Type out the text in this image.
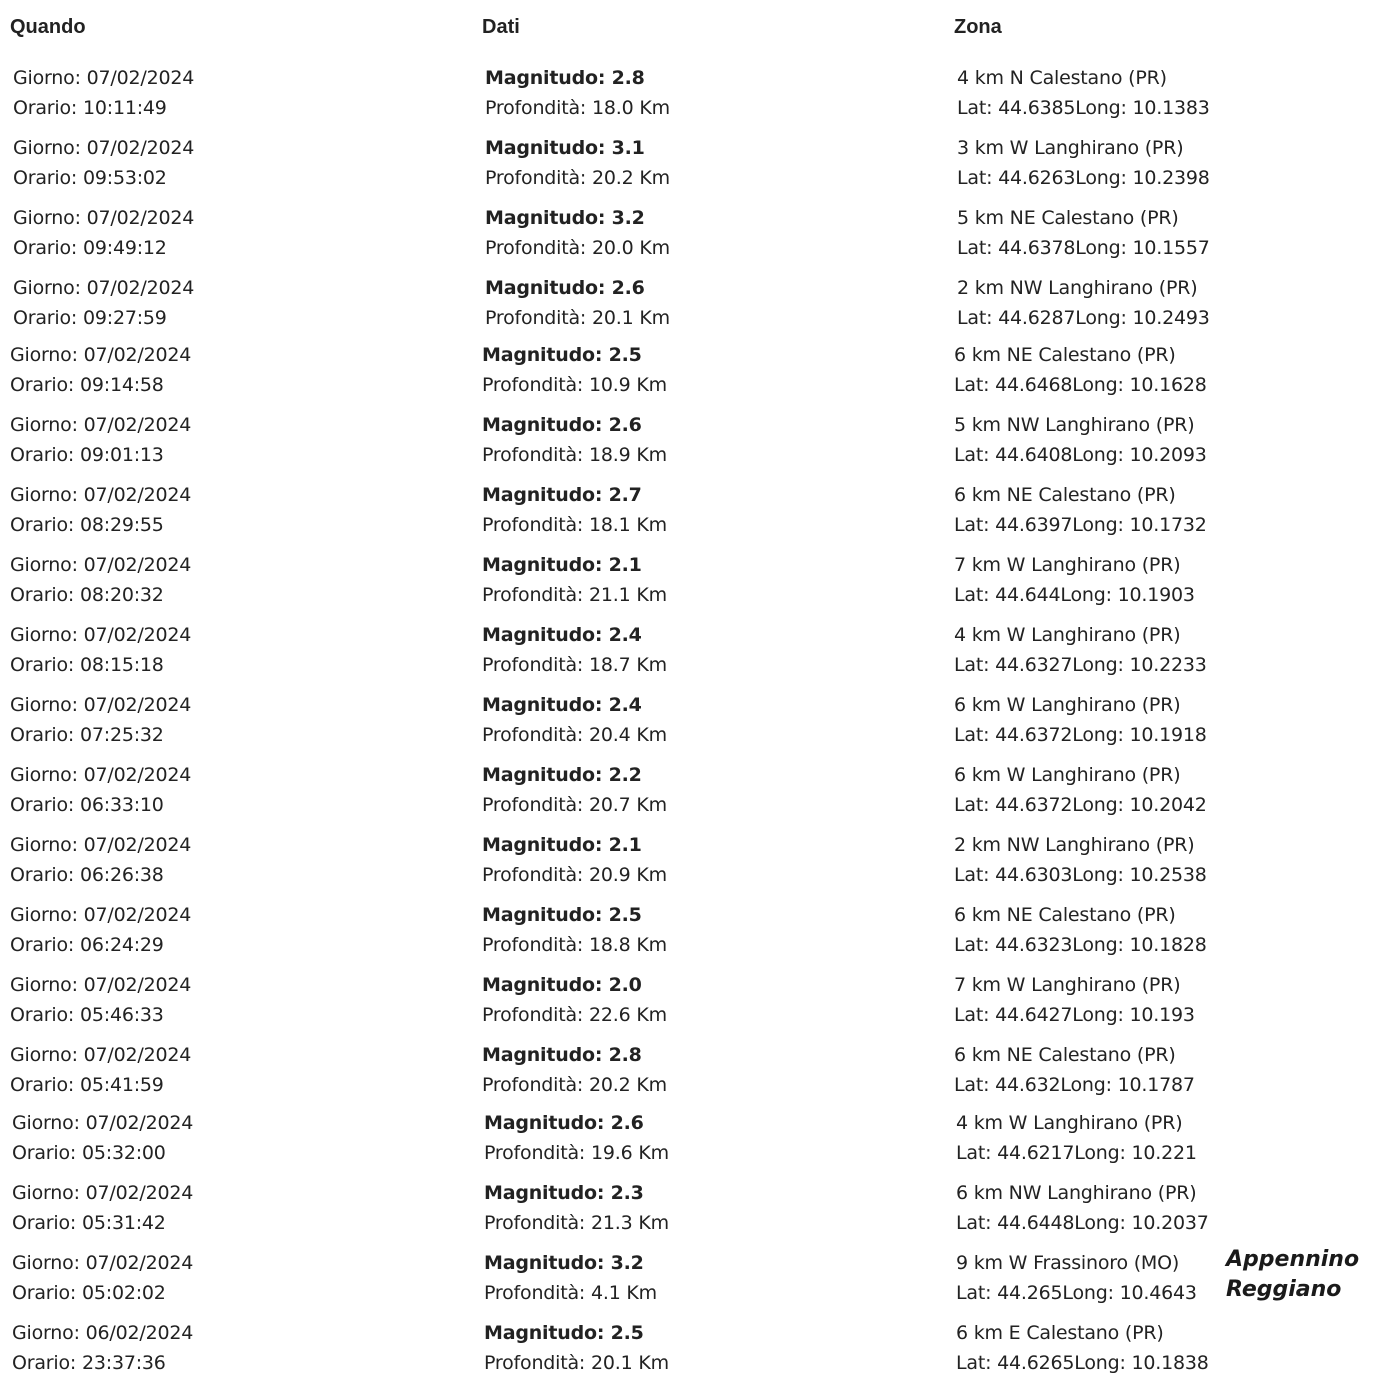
Quando	Dati	Zona
Giorno: 07/02/2024
Orario: 10:11:49
Magnitudo: 2.8
Profondità: 18.0 Km
4 km N Calestano (PR)
Lat: 44.6385Long: 10.1383
Giorno: 07/02/2024
Orario: 09:53:02
Magnitudo: 3.1
Profondità: 20.2 Km
3 km W Langhirano (PR)
Lat: 44.6263Long: 10.2398
Giorno: 07/02/2024
Orario: 09:49:12
Magnitudo: 3.2
Profondità: 20.0 Km
5 km NE Calestano (PR)
Lat: 44.6378Long: 10.1557
Giorno: 07/02/2024
Orario: 09:27:59
Magnitudo: 2.6
Profondità: 20.1 Km
2 km NW Langhirano (PR)
Lat: 44.6287Long: 10.2493
Giorno: 07/02/2024
Orario: 09:14:58
Magnitudo: 2.5
Profondità: 10.9 Km
6 km NE Calestano (PR)
Lat: 44.6468Long: 10.1628
Giorno: 07/02/2024
Orario: 09:01:13
Magnitudo: 2.6
Profondità: 18.9 Km
5 km NW Langhirano (PR)
Lat: 44.6408Long: 10.2093
Giorno: 07/02/2024
Orario: 08:29:55
Magnitudo: 2.7
Profondità: 18.1 Km
6 km NE Calestano (PR)
Lat: 44.6397Long: 10.1732
Giorno: 07/02/2024
Orario: 08:20:32
Magnitudo: 2.1
Profondità: 21.1 Km
7 km W Langhirano (PR)
Lat: 44.644Long: 10.1903
Giorno: 07/02/2024
Orario: 08:15:18
Magnitudo: 2.4
Profondità: 18.7 Km
4 km W Langhirano (PR)
Lat: 44.6327Long: 10.2233
Giorno: 07/02/2024
Orario: 07:25:32
Magnitudo: 2.4
Profondità: 20.4 Km
6 km W Langhirano (PR)
Lat: 44.6372Long: 10.1918
Giorno: 07/02/2024
Orario: 06:33:10
Magnitudo: 2.2
Profondità: 20.7 Km
6 km W Langhirano (PR)
Lat: 44.6372Long: 10.2042
Giorno: 07/02/2024
Orario: 06:26:38
Magnitudo: 2.1
Profondità: 20.9 Km
2 km NW Langhirano (PR)
Lat: 44.6303Long: 10.2538
Giorno: 07/02/2024
Orario: 06:24:29
Magnitudo: 2.5
Profondità: 18.8 Km
6 km NE Calestano (PR)
Lat: 44.6323Long: 10.1828
Giorno: 07/02/2024
Orario: 05:46:33
Magnitudo: 2.0
Profondità: 22.6 Km
7 km W Langhirano (PR)
Lat: 44.6427Long: 10.193
Giorno: 07/02/2024
Orario: 05:41:59
Magnitudo: 2.8
Profondità: 20.2 Km
6 km NE Calestano (PR)
Lat: 44.632Long: 10.1787
Giorno: 07/02/2024
Orario: 05:32:00
Magnitudo: 2.6
Profondità: 19.6 Km
4 km W Langhirano (PR)
Lat: 44.6217Long: 10.221
Giorno: 07/02/2024
Orario: 05:31:42
Magnitudo: 2.3
Profondità: 21.3 Km
6 km NW Langhirano (PR)
Lat: 44.6448Long: 10.2037
Giorno: 07/02/2024
Orario: 05:02:02
Magnitudo: 3.2
Profondità: 4.1 Km
9 km W Frassinoro (MO)
Lat: 44.265Long: 10.4643
Giorno: 06/02/2024
Orario: 23:37:36
Magnitudo: 2.5
Profondità: 20.1 Km
6 km E Calestano (PR)
Lat: 44.6265Long: 10.1838
Appennino
Reggiano
